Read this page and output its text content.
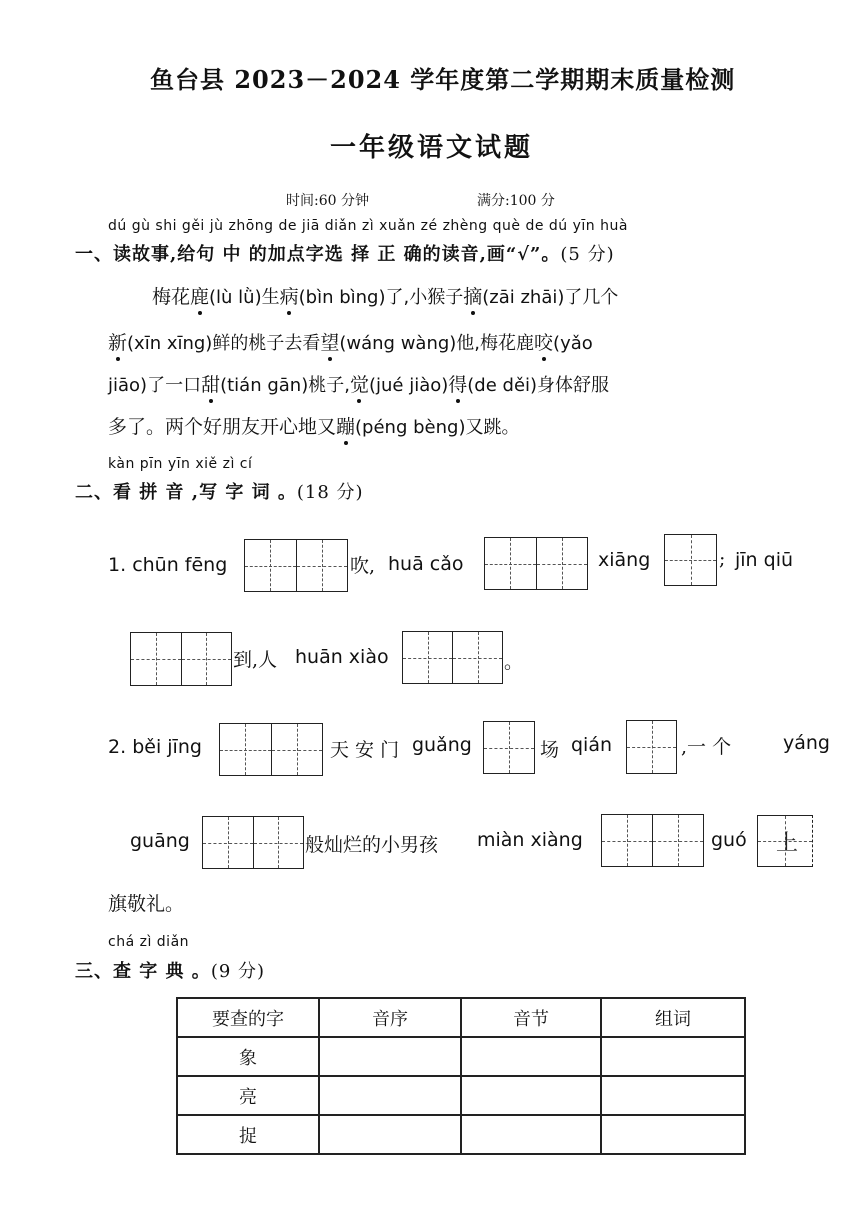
鱼台县 2023－2024 学年度第二学期期末质量检测
一年级语文试题
时间:60 分钟	满分:100 分
dú gù shi gěi jù zhōng de jiā diǎn zì xuǎn zé zhèng què de dú yīn huà
一、读故事,给句 中 的加点字选 择 正 确的读音,画“√”。(5 分)
梅花鹿(lù lǜ)生病(bìn bìng)了,小猴子摘(zāi zhāi)了几个
新(xīn xīng)鲜的桃子去看望(wáng wàng)他,梅花鹿咬(yǎo
jiāo)了一口甜(tián gān)桃子,觉(jué jiào)得(de děi)身体舒服
多了。两个好朋友开心地又蹦(péng bèng)又跳。
kàn pīn yīn xiě zì cí
二、看 拼 音 ,写 字 词 。(18 分)
1. chūn fēng	吹, huā cǎo	xiāng	; jīn qiū
到,人 huān xiào	。
2. běi jīng	天 安 门 guǎng	场 qián	,一 个	yáng
guāng	般灿烂的小男孩 miàn xiàng	guó 上
旗敬礼。
chá zì diǎn
三、查 字 典 。(9 分)
要查的字	音序	音节	组词
象			
亮			
捉			
